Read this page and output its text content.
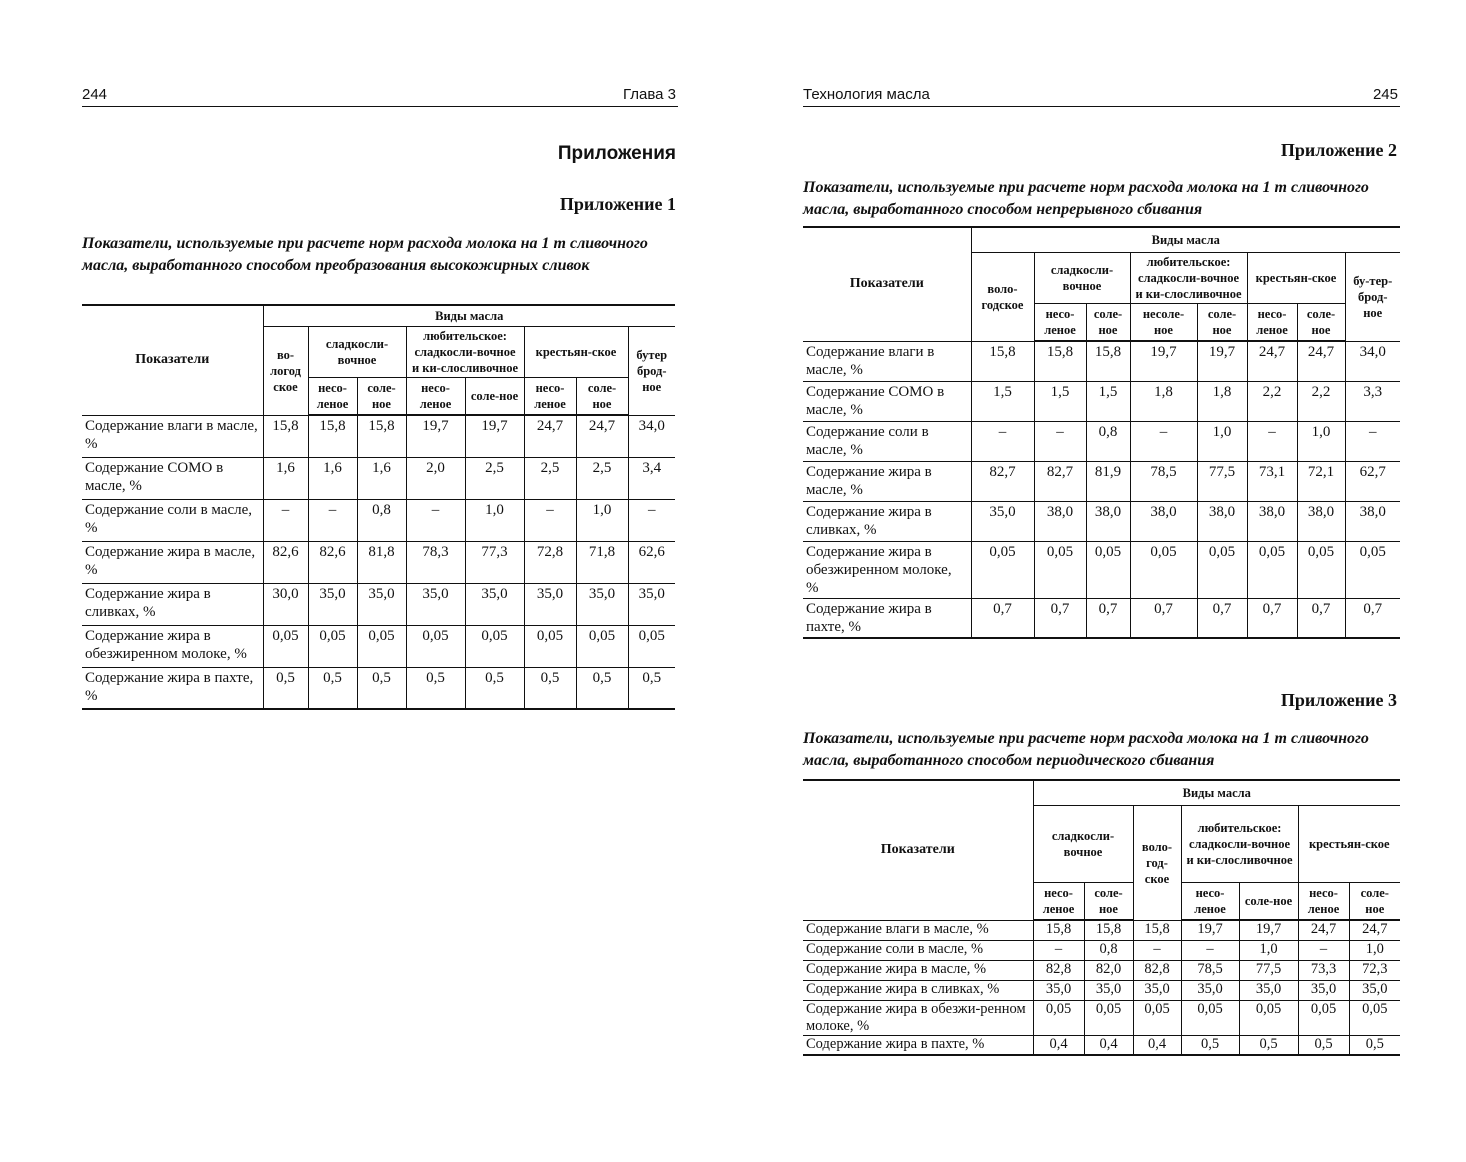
244	Глава 3
Приложения
Приложение 1

Показатели, используемые при расчете норм расхода молока на 1 т сливочного масла, выработанного способом преобразования высокожирных сливок

Показатели	Виды масла							
	во-логод ское	сладкосли-вочное		любительское: сладкосли-вочное и ки-слосливочное		крестьян-ское		бутер брод-ное
		несо-леное	соле-ное	несо-леное	соле-ное	несо-леное	соле-ное	
Содержание влаги в масле, %	15,8	15,8	15,8	19,7	19,7	24,7	24,7	34,0
Содержание СОМО в масле, %	1,6	1,6	1,6	2,0	2,5	2,5	2,5	3,4
Содержание соли в масле, %	–	–	0,8	–	1,0	–	1,0	–
Содержание жира в масле, %	82,6	82,6	81,8	78,3	77,3	72,8	71,8	62,6
Содержание жира в сливках, %	30,0	35,0	35,0	35,0	35,0	35,0	35,0	35,0
Содержание жира в обезжиренном молоке, %	0,05	0,05	0,05	0,05	0,05	0,05	0,05	0,05
Содержание жира в пахте, %	0,5	0,5	0,5	0,5	0,5	0,5	0,5	0,5
Технология масла	245
Приложение 2

Показатели, используемые при расчете норм расхода молока на 1 т сливочного масла, выработанного способом непрерывного сбивания

Показатели	Виды масла							
	воло-годское	сладкосли-вочное		любительское: сладкосли-вочное и ки-слосливочное		крестьян-ское		бу-тер-брод-ное
		несо-леное	соле-ное	несоле-ное	соле-ное	несо-леное	соле-ное	
Содержание влаги в масле, %	15,8	15,8	15,8	19,7	19,7	24,7	24,7	34,0
Содержание СОМО в масле, %	1,5	1,5	1,5	1,8	1,8	2,2	2,2	3,3
Содержание соли в масле, %	–	–	0,8	–	1,0	–	1,0	–
Содержание жира в масле, %	82,7	82,7	81,9	78,5	77,5	73,1	72,1	62,7
Содержание жира в сливках, %	35,0	38,0	38,0	38,0	38,0	38,0	38,0	38,0
Содержание жира в обезжиренном молоке, %	0,05	0,05	0,05	0,05	0,05	0,05	0,05	0,05
Содержание жира в пахте, %	0,7	0,7	0,7	0,7	0,7	0,7	0,7	0,7
Приложение 3

Показатели, используемые при расчете норм расхода молока на 1 т сливочного масла, выработанного способом периодического сбивания

Показатели	Виды масла						
	сладкосли-вочное		воло-год-ское	любительское: сладкосли-вочное и ки-слосливочное		крестьян-ское	
	несо-леное	соле-ное		несо-леное	соле-ное	несо-леное	соле-ное
Содержание влаги в масле, %	15,8	15,8	15,8	19,7	19,7	24,7	24,7
Содержание соли в масле, %	–	0,8	–	–	1,0	–	1,0
Содержание жира в масле, %	82,8	82,0	82,8	78,5	77,5	73,3	72,3
Содержание жира в сливках, %	35,0	35,0	35,0	35,0	35,0	35,0	35,0
Содержание жира в обезжи-ренном молоке, %	0,05	0,05	0,05	0,05	0,05	0,05	0,05
Содержание жира в пахте, %	0,4	0,4	0,4	0,5	0,5	0,5	0,5
